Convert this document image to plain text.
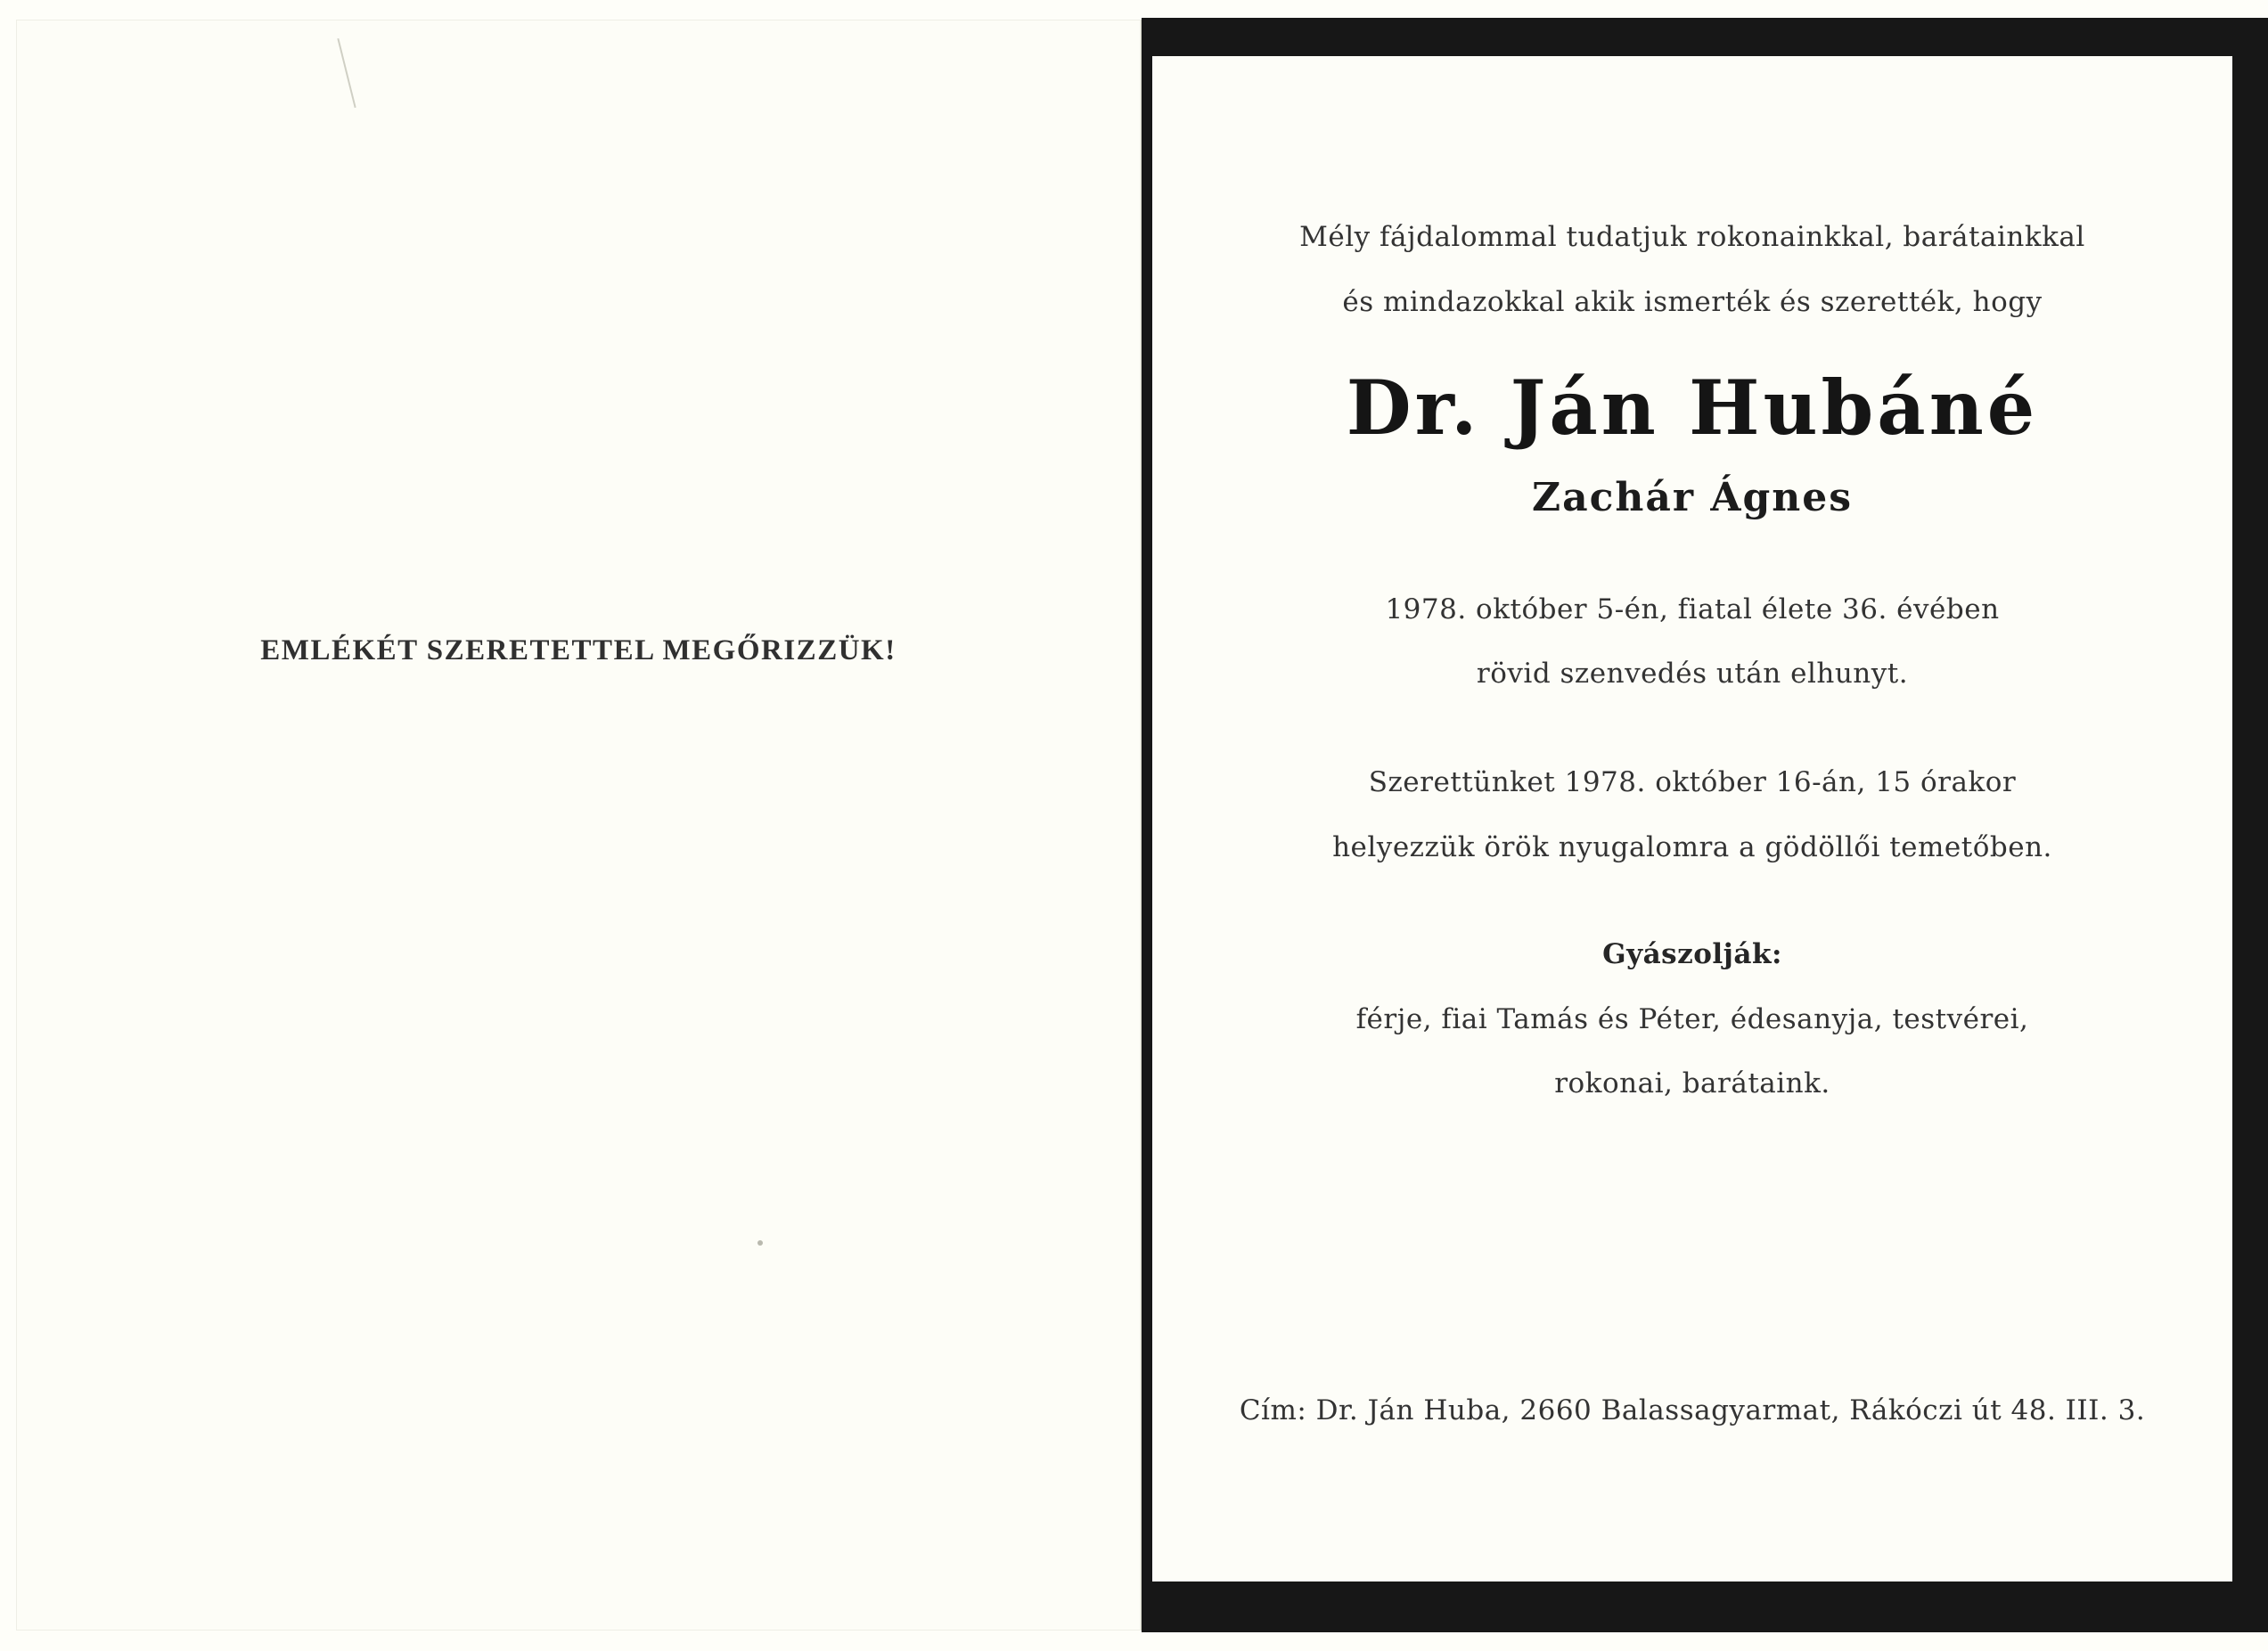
EMLÉKÉT SZERETETTEL MEGŐRIZZÜK!
Mély fájdalommal tudatjuk rokonainkkal, barátainkkal
és mindazokkal akik ismerték és szerették, hogy
Dr. Ján Hubáné
Zachár Ágnes
1978. október 5-én, fiatal élete 36. évében
rövid szenvedés után elhunyt.
Szerettünket 1978. október 16-án, 15 órakor
helyezzük örök nyugalomra a gödöllői temetőben.
Gyászolják:
férje, fiai Tamás és Péter, édesanyja, testvérei,
rokonai, barátaink.
Cím: Dr. Ján Huba, 2660 Balassagyarmat, Rákóczi út 48. III. 3.
